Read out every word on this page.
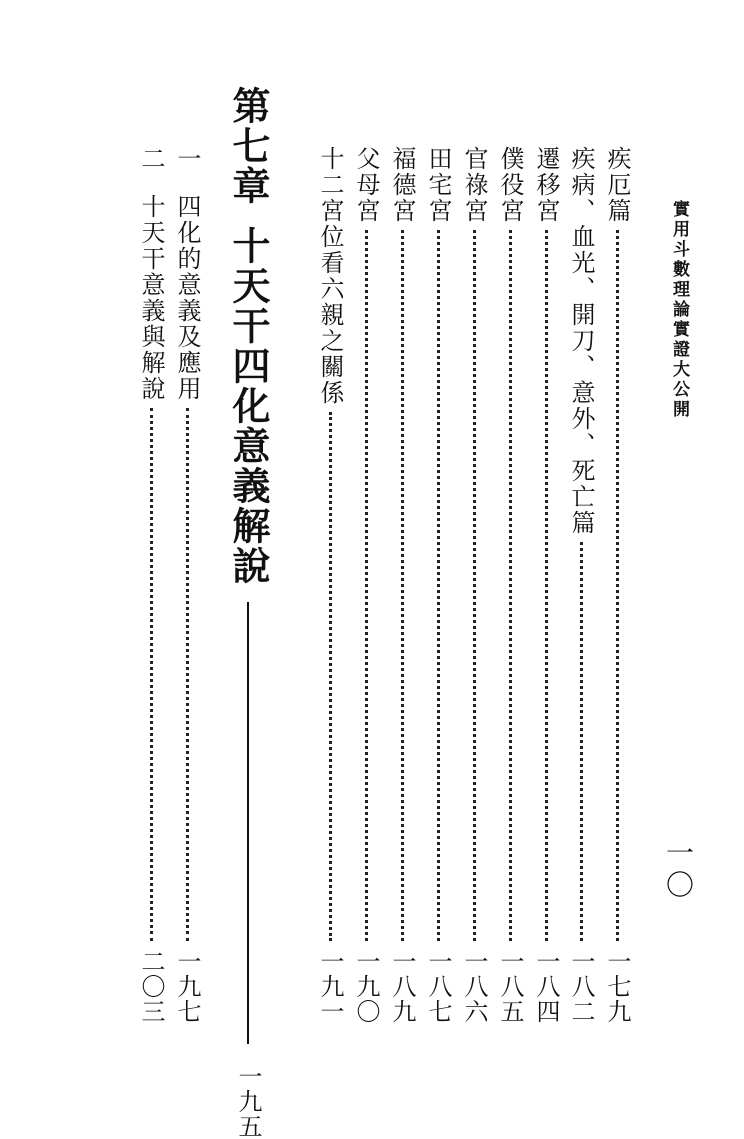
實用斗數理論實證大公開
一〇
疾厄篇
一七九
疾病、血光、開刀、意外、死亡篇
一八二
遷移宮
一八四
僕役宮
一八五
官祿宮
一八六
田宅宮
一八七
福德宮
一八九
父母宮
一九〇
十二宮位看六親之關係
一九一
第七章
十天干四化意義解說
一九五
一
四化的意義及應用
一九七
二
十天干意義與解說
二〇三
